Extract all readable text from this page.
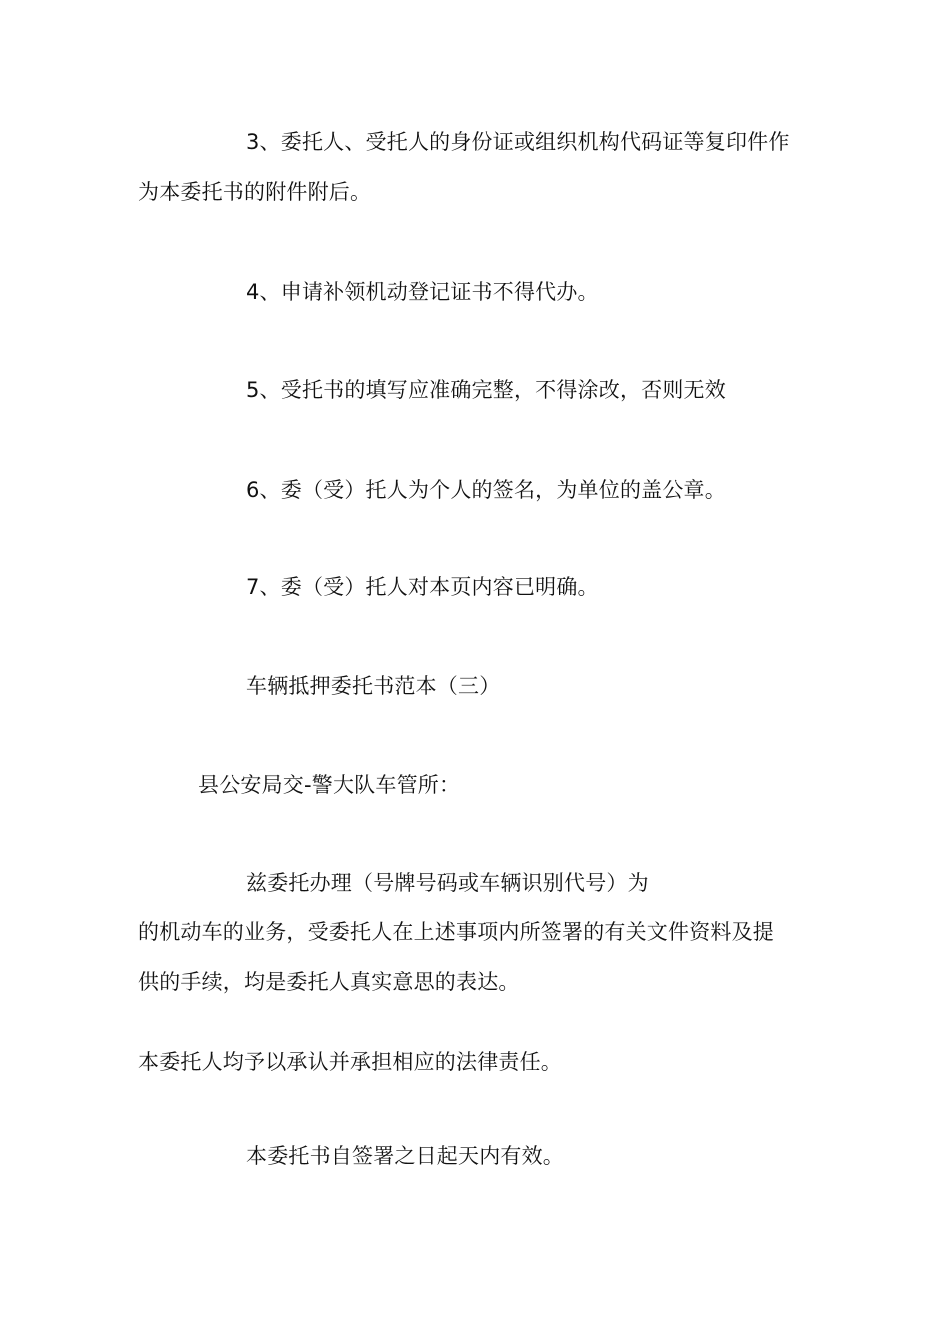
3、委托人、受托人的身份证或组织机构代码证等复印件作
为本委托书的附件附后。
4、申请补领机动登记证书不得代办。
5、受托书的填写应准确完整，不得涂改，否则无效
6、委（受）托人为个人的签名，为单位的盖公章。
7、委（受）托人对本页内容已明确。
车辆抵押委托书范本（三）
县公安局交-警大队车管所：
兹委托办理（号牌号码或车辆识别代号）为
的机动车的业务，受委托人在上述事项内所签署的有关文件资料及提
供的手续，均是委托人真实意思的表达。
本委托人均予以承认并承担相应的法律责任。
本委托书自签署之日起天内有效。
